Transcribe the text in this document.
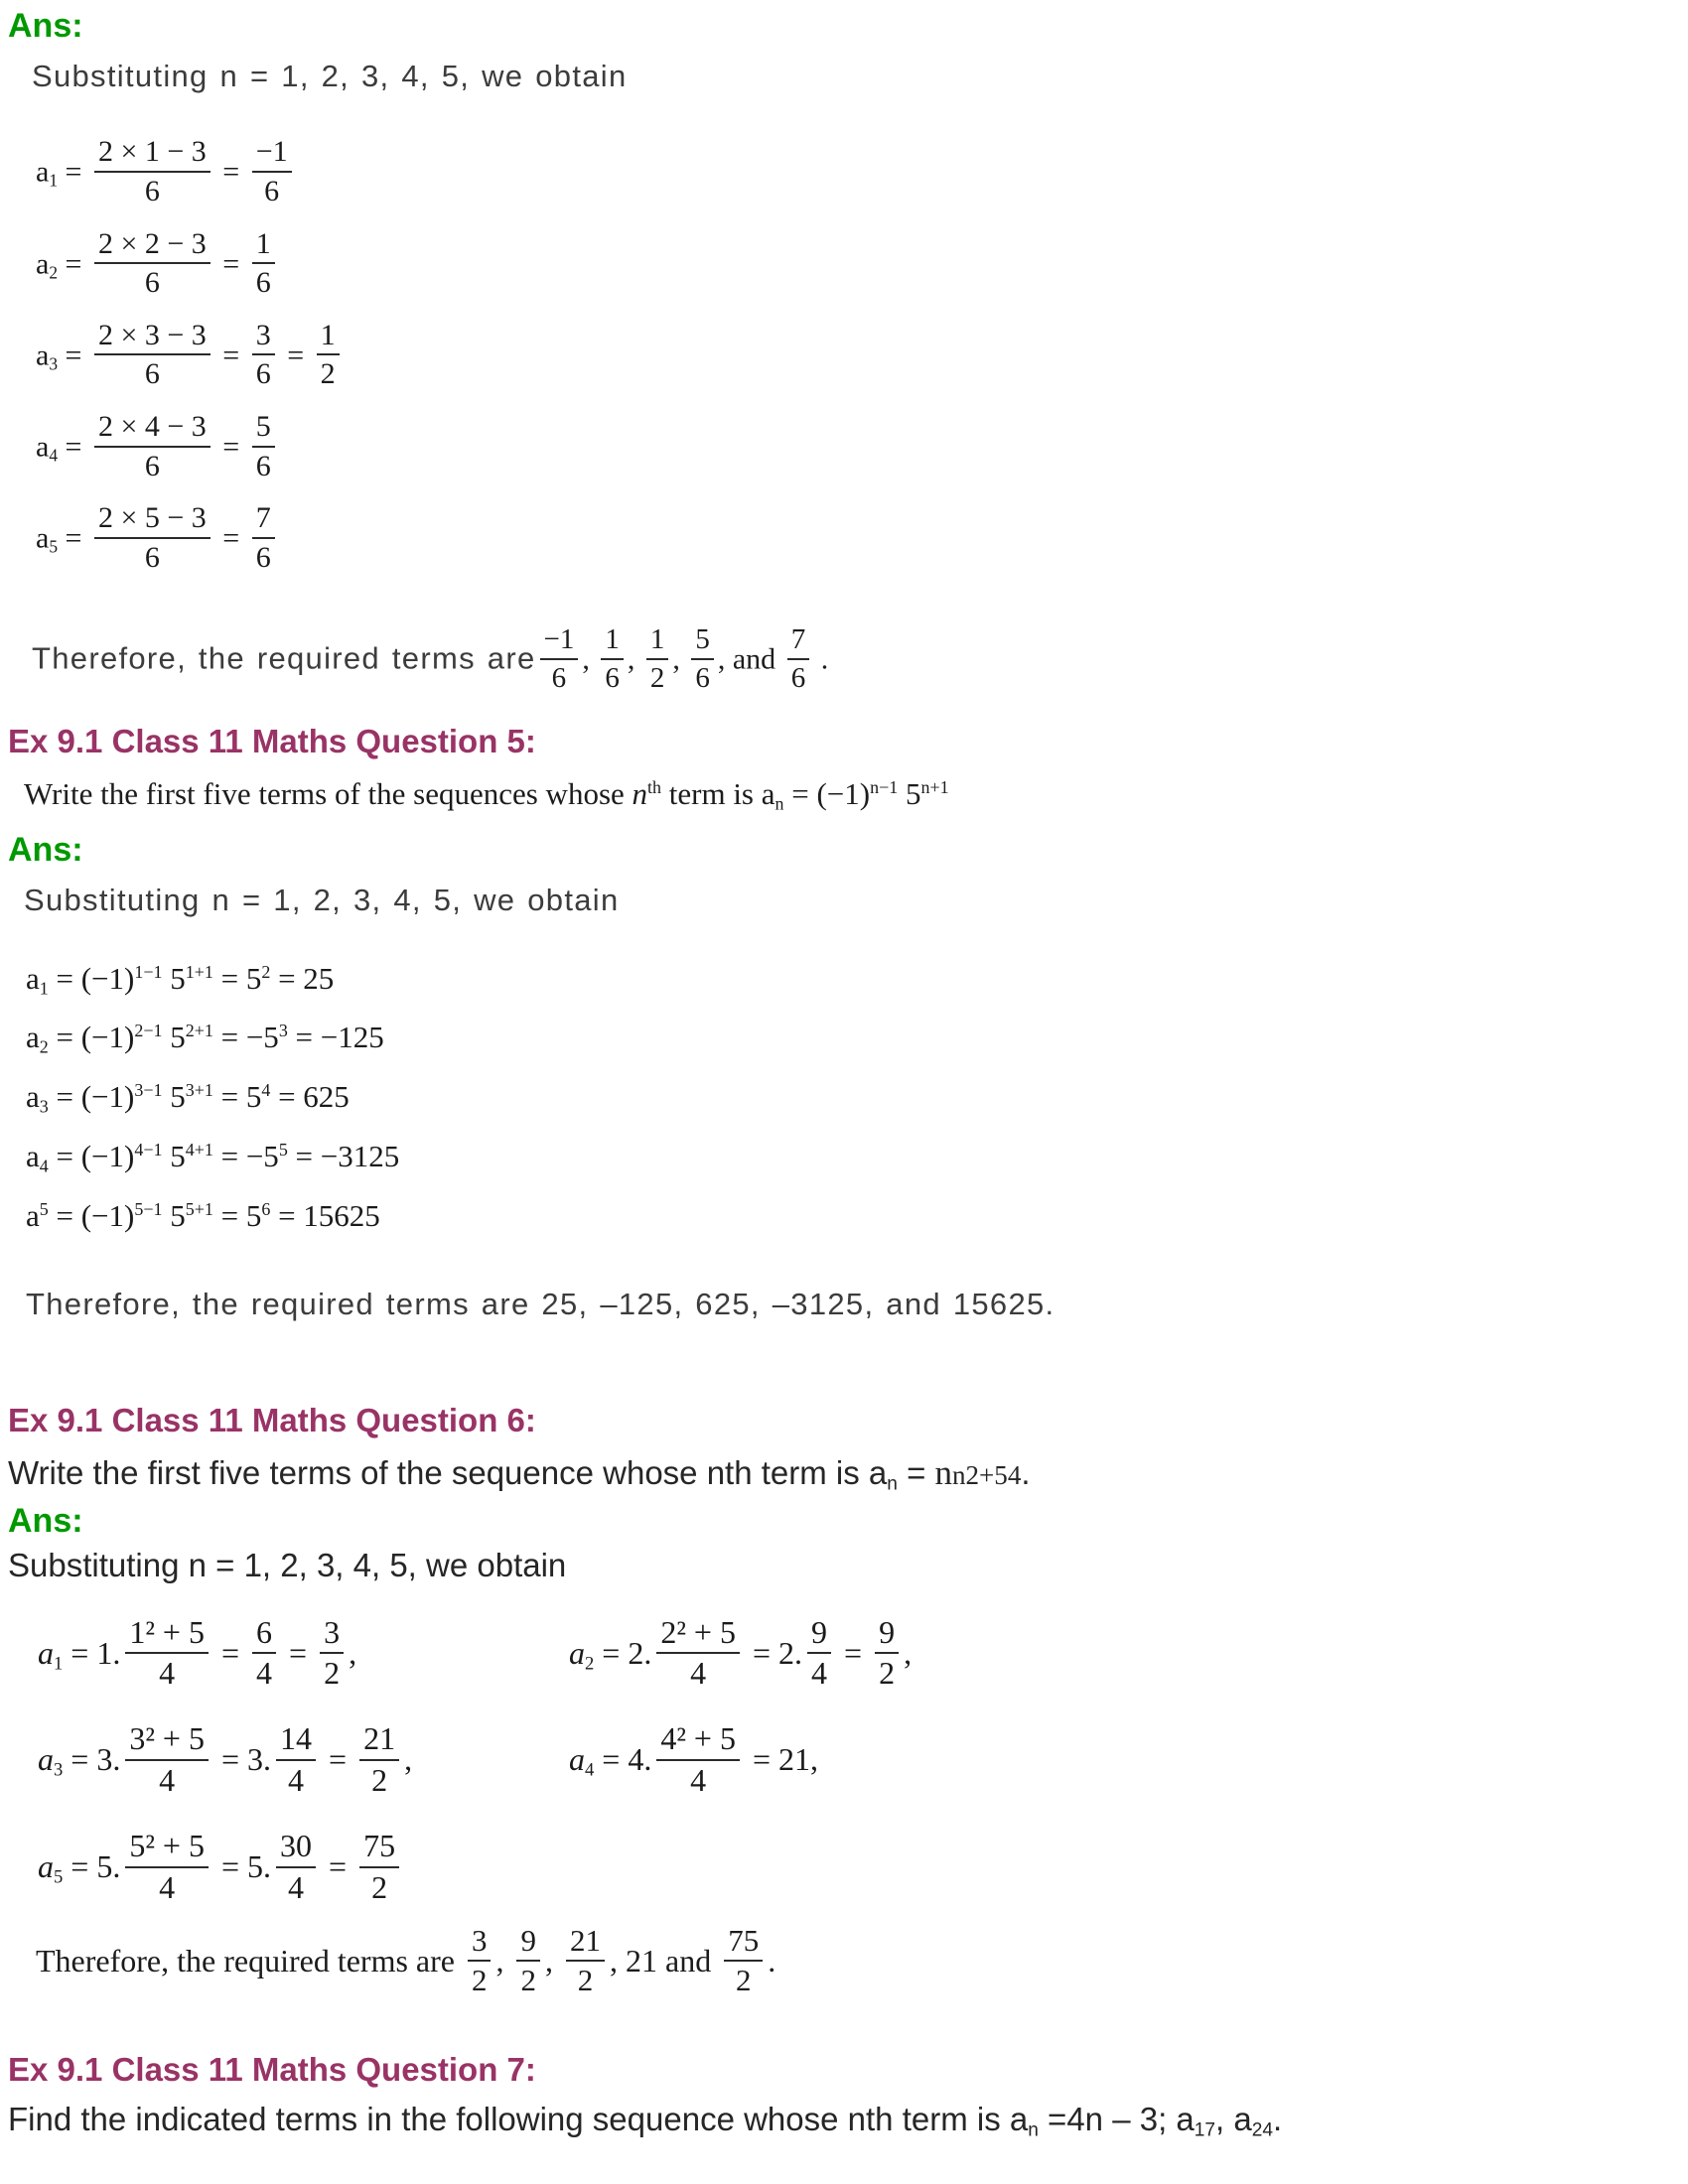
Ans:
Substituting n = 1, 2, 3, 4, 5, we obtain
$a_1 = \frac{2 \times 1 - 3}{6} = \frac{-1}{6}$
$a_2 = \frac{2 \times 2 - 3}{6} = \frac{1}{6}$
$a_3 = \frac{2 \times 3 - 3}{6} = \frac{3}{6} = \frac{1}{2}$
$a_4 = \frac{2 \times 4 - 3}{6} = \frac{5}{6}$
$a_5 = \frac{2 \times 5 - 3}{6} = \frac{7}{6}$
Therefore, the required terms are $\frac{-1}{6}$ , $\frac{1}{6}$ , $\frac{1}{2}$ , $\frac{5}{6}$ , and $\frac{7}{6}$ .
Ex 9.1 Class 11 Maths Question 5:
Write the first five terms of the sequences whose $n^{th}$ term is $a_n = (-1)^{n-1}$ $5^{n+1}$
Ans:
Substituting n = 1, 2, 3, 4, 5, we obtain
$a_1 = (-1)^{1-1}$ $5^{1+1} = 5^2 = 25$
$a_2 = (-1)^{2-1}$ $5^{2+1} = -5^3 = -125$
$a_3 = (-1)^{3-1}$ $5^{3+1} = 5^4 = 625$
$a_4 = (-1)^{4-1}$ $5^{4+1} = -5^5 = -3125$
$a^5 = (-1)^{5-1}$ $5^{5+1} = 5^6 = 15625$
Therefore, the required terms are 25, –125, 625, –3125, and 15625.
Ex 9.1 Class 11 Maths Question 6:
Write the first five terms of the sequence whose nth term is $a_n = nn2+54$.
Ans:
Substituting n = 1, 2, 3, 4, 5, we obtain
$a_1 = 1$. $\frac{\text{1² + 5}}{4} = \frac{6}{4} = \frac{3}{2}$ ,	$a_2 = 2$. $\frac{\text{2² + 5}}{4} = 2$. $\frac{9}{4} = \frac{9}{2}$ ,
$a_3 = 3$. $\frac{\text{3² + 5}}{4} = 3$. $\frac{14}{4} = \frac{21}{2}$ ,	$a_4 = 4$. $\frac{\text{4² + 5}}{4} = 21$,
$a_5 = 5$. $\frac{\text{5² + 5}}{4} = 5$. $\frac{30}{4} = \frac{75}{2}$
Therefore, the required terms are $\frac{3}{2}$ , $\frac{9}{2}$ , $\frac{21}{2}$ , 21 and $\frac{75}{2}$ .
Ex 9.1 Class 11 Maths Question 7:
Find the indicated terms in the following sequence whose nth term is $a_n =4n - 3$; $a_{17}$, $a_{24}$.
